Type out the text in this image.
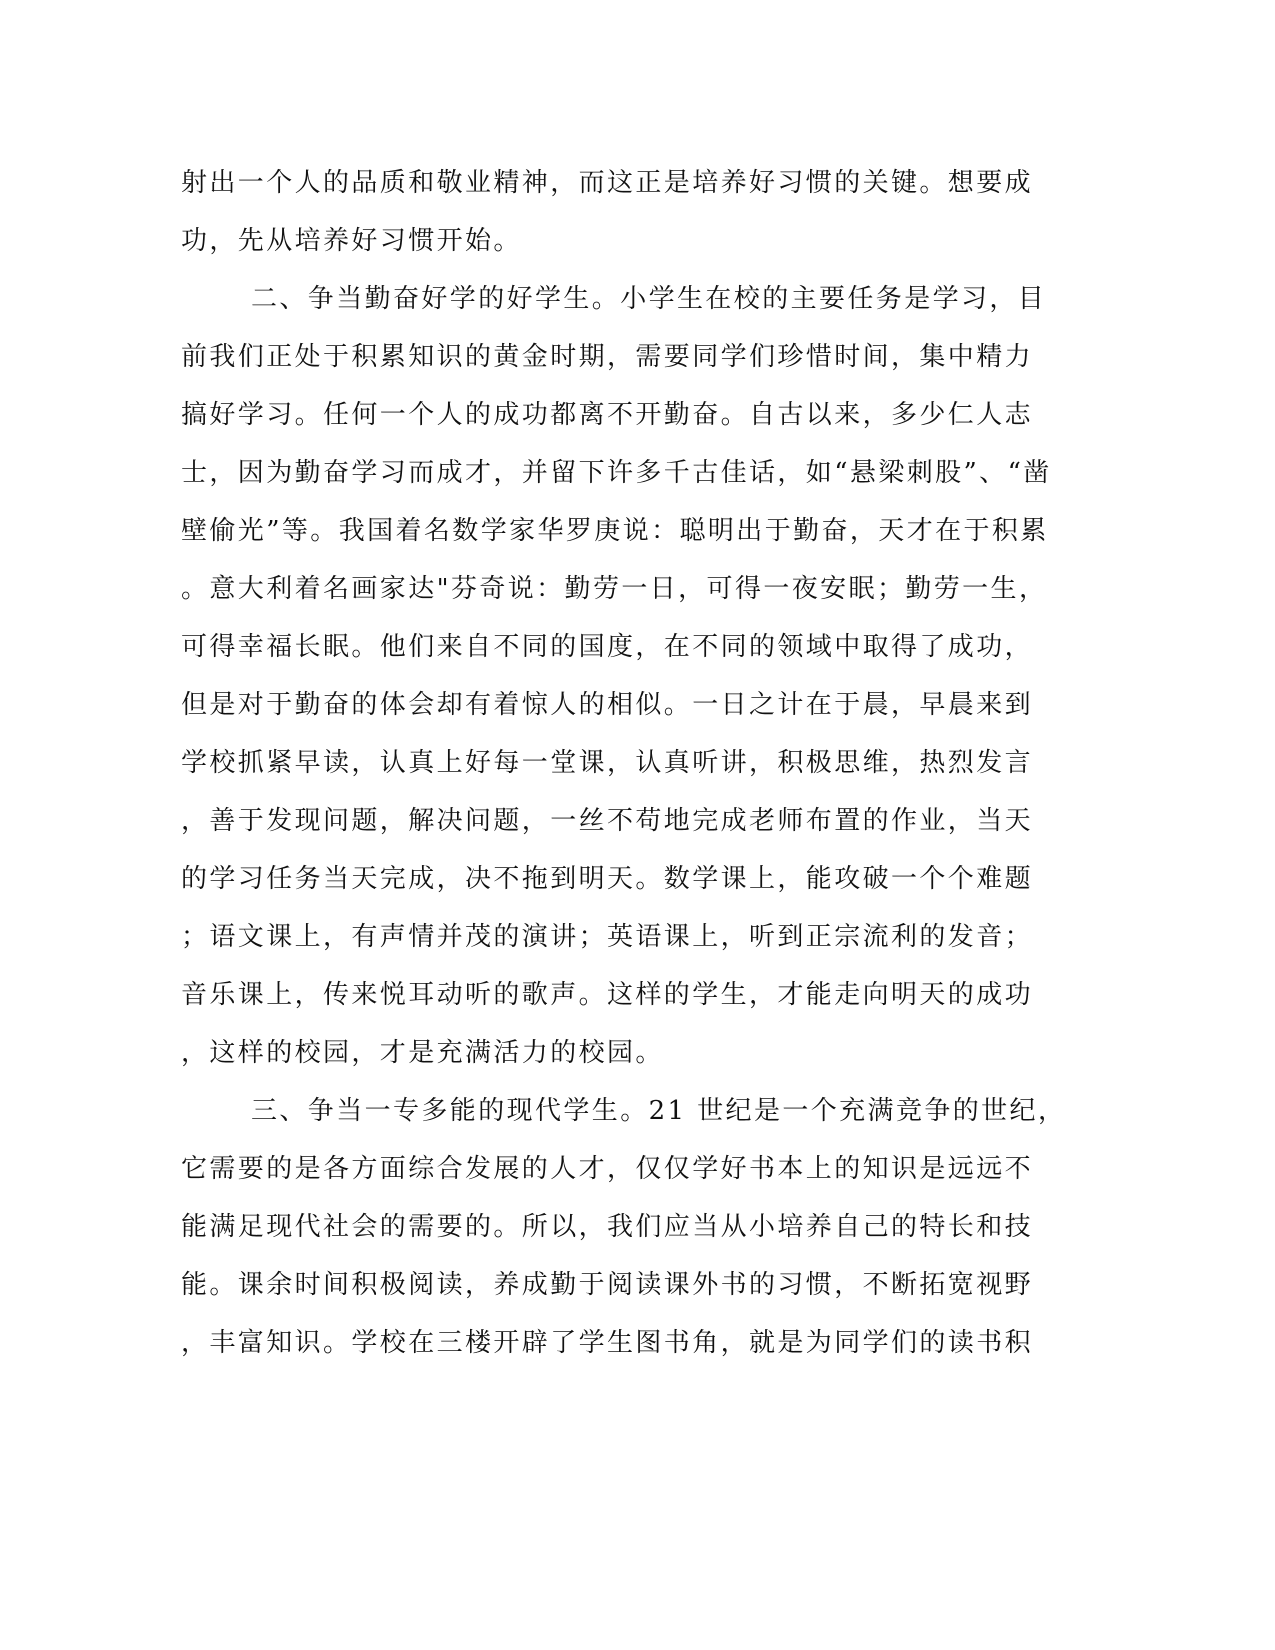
射出一个人的品质和敬业精神，而这正是培养好习惯的关键。想要成
功，先从培养好习惯开始。
二、争当勤奋好学的好学生。小学生在校的主要任务是学习，目
前我们正处于积累知识的黄金时期，需要同学们珍惜时间，集中精力
搞好学习。任何一个人的成功都离不开勤奋。自古以来，多少仁人志
士，因为勤奋学习而成才，并留下许多千古佳话，如“悬梁刺股”、“凿
壁偷光”等。我国着名数学家华罗庚说：聪明出于勤奋，天才在于积累
。意大利着名画家达"芬奇说：勤劳一日，可得一夜安眠；勤劳一生，
可得幸福长眠。他们来自不同的国度，在不同的领域中取得了成功，
但是对于勤奋的体会却有着惊人的相似。一日之计在于晨，早晨来到
学校抓紧早读，认真上好每一堂课，认真听讲，积极思维，热烈发言
，善于发现问题，解决问题，一丝不苟地完成老师布置的作业，当天
的学习任务当天完成，决不拖到明天。数学课上，能攻破一个个难题
；语文课上，有声情并茂的演讲；英语课上，听到正宗流利的发音；
音乐课上，传来悦耳动听的歌声。这样的学生，才能走向明天的成功
，这样的校园，才是充满活力的校园。
三、争当一专多能的现代学生。21 世纪是一个充满竞争的世纪，
它需要的是各方面综合发展的人才，仅仅学好书本上的知识是远远不
能满足现代社会的需要的。所以，我们应当从小培养自己的特长和技
能。课余时间积极阅读，养成勤于阅读课外书的习惯，不断拓宽视野
，丰富知识。学校在三楼开辟了学生图书角，就是为同学们的读书积
